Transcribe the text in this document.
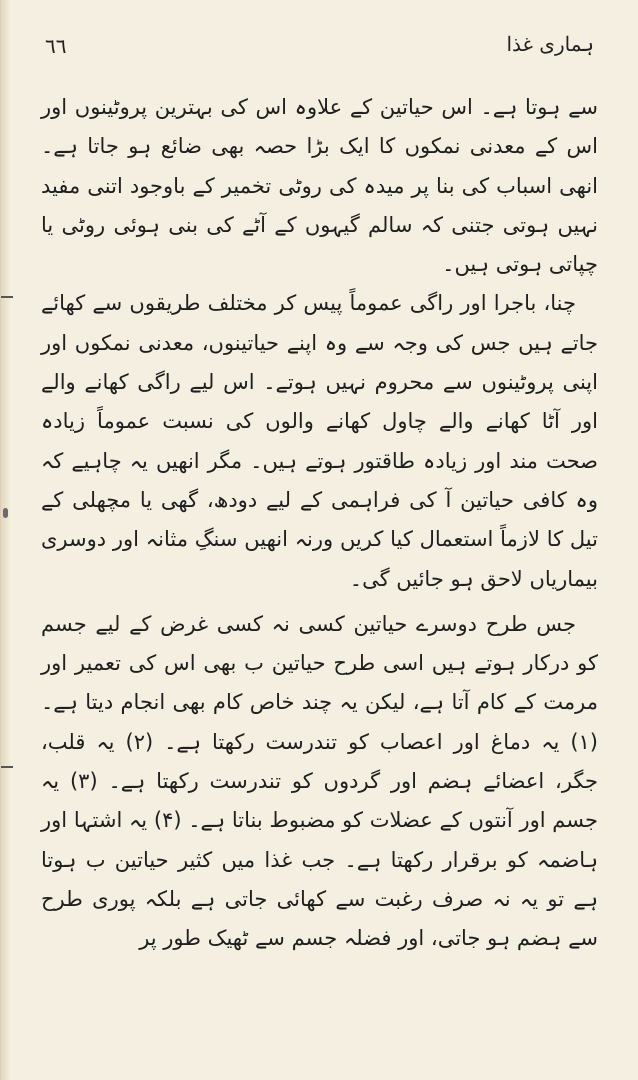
٦٦	ہماری غذا

سے ہوتا ہے۔ اس حیاتین کے علاوہ اس کی بہترین پروٹینوں اور اس کے معدنی نمکوں کا ایک بڑا حصہ بھی ضائع ہو جاتا ہے۔ انھی اسباب کی بنا پر میدہ کی روٹی تخمیر کے باوجود اتنی مفید نہیں ہوتی جتنی کہ سالم گیہوں کے آٹے کی بنی ہوئی روٹی یا چپاتی ہوتی ہیں۔

چنا، باجرا اور راگی عموماً پیس کر مختلف طریقوں سے کھائے جاتے ہیں جس کی وجہ سے وہ اپنے حیاتینوں، معدنی نمکوں اور اپنی پروٹینوں سے محروم نہیں ہوتے۔ اس لیے راگی کھانے والے اور آٹا کھانے والے چاول کھانے والوں کی نسبت عموماً زیادہ صحت مند اور زیادہ طاقتور ہوتے ہیں۔ مگر انھیں یہ چاہیے کہ وہ کافی حیاتین آ کی فراہمی کے لیے دودھ، گھی یا مچھلی کے تیل کا لازماً استعمال کیا کریں ورنہ انھیں سنگِ مثانہ اور دوسری بیماریاں لاحق ہو جائیں گی۔

جس طرح دوسرے حیاتین کسی نہ کسی غرض کے لیے جسم کو درکار ہوتے ہیں اسی طرح حیاتین ب بھی اس کی تعمیر اور مرمت کے کام آتا ہے، لیکن یہ چند خاص کام بھی انجام دیتا ہے۔ (۱) یہ دماغ اور اعصاب کو تندرست رکھتا ہے۔ (۲) یہ قلب، جگر، اعضائے ہضم اور گردوں کو تندرست رکھتا ہے۔ (۳) یہ جسم اور آنتوں کے عضلات کو مضبوط بناتا ہے۔ (۴) یہ اشتہا اور ہاضمہ کو برقرار رکھتا ہے۔ جب غذا میں کثیر حیاتین ب ہوتا ہے تو یہ نہ صرف رغبت سے کھائی جاتی ہے بلکہ پوری طرح سے ہضم ہو جاتی، اور فضلہ جسم سے ٹھیک طور پر
